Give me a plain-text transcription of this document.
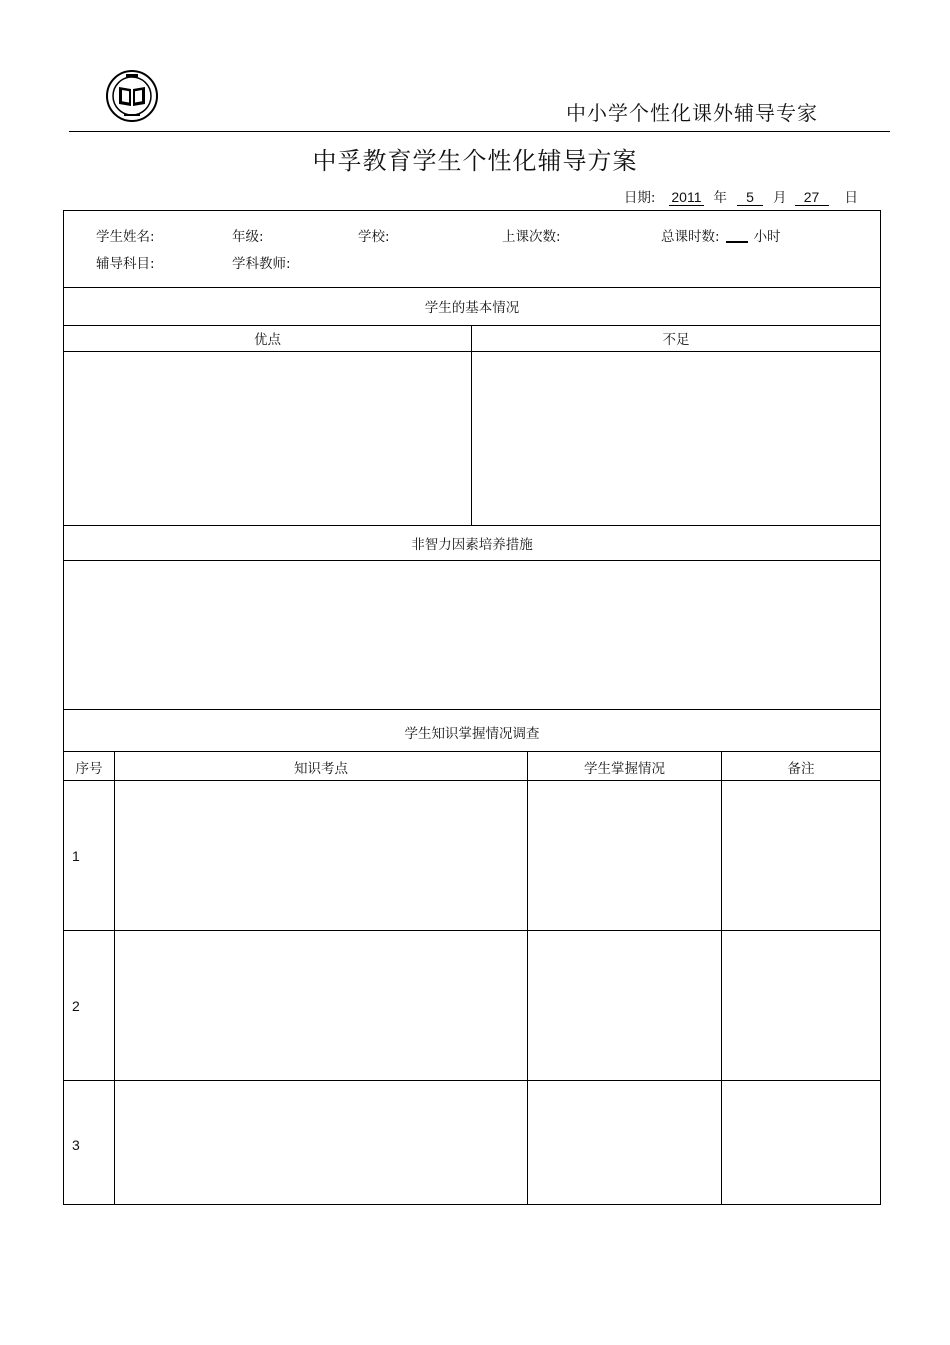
中小学个性化课外辅导专家
中孚教育学生个性化辅导方案
日期: 2011 年	5	月	27	日
学生姓名:	年级:	学校:	上课次数:	总课时数:	小时
辅导科目:	学科教师:
学生的基本情况
优点	不足
非智力因素培养措施
学生知识掌握情况调查
序号	知识考点	学生掌握情况	备注
1
2
3
